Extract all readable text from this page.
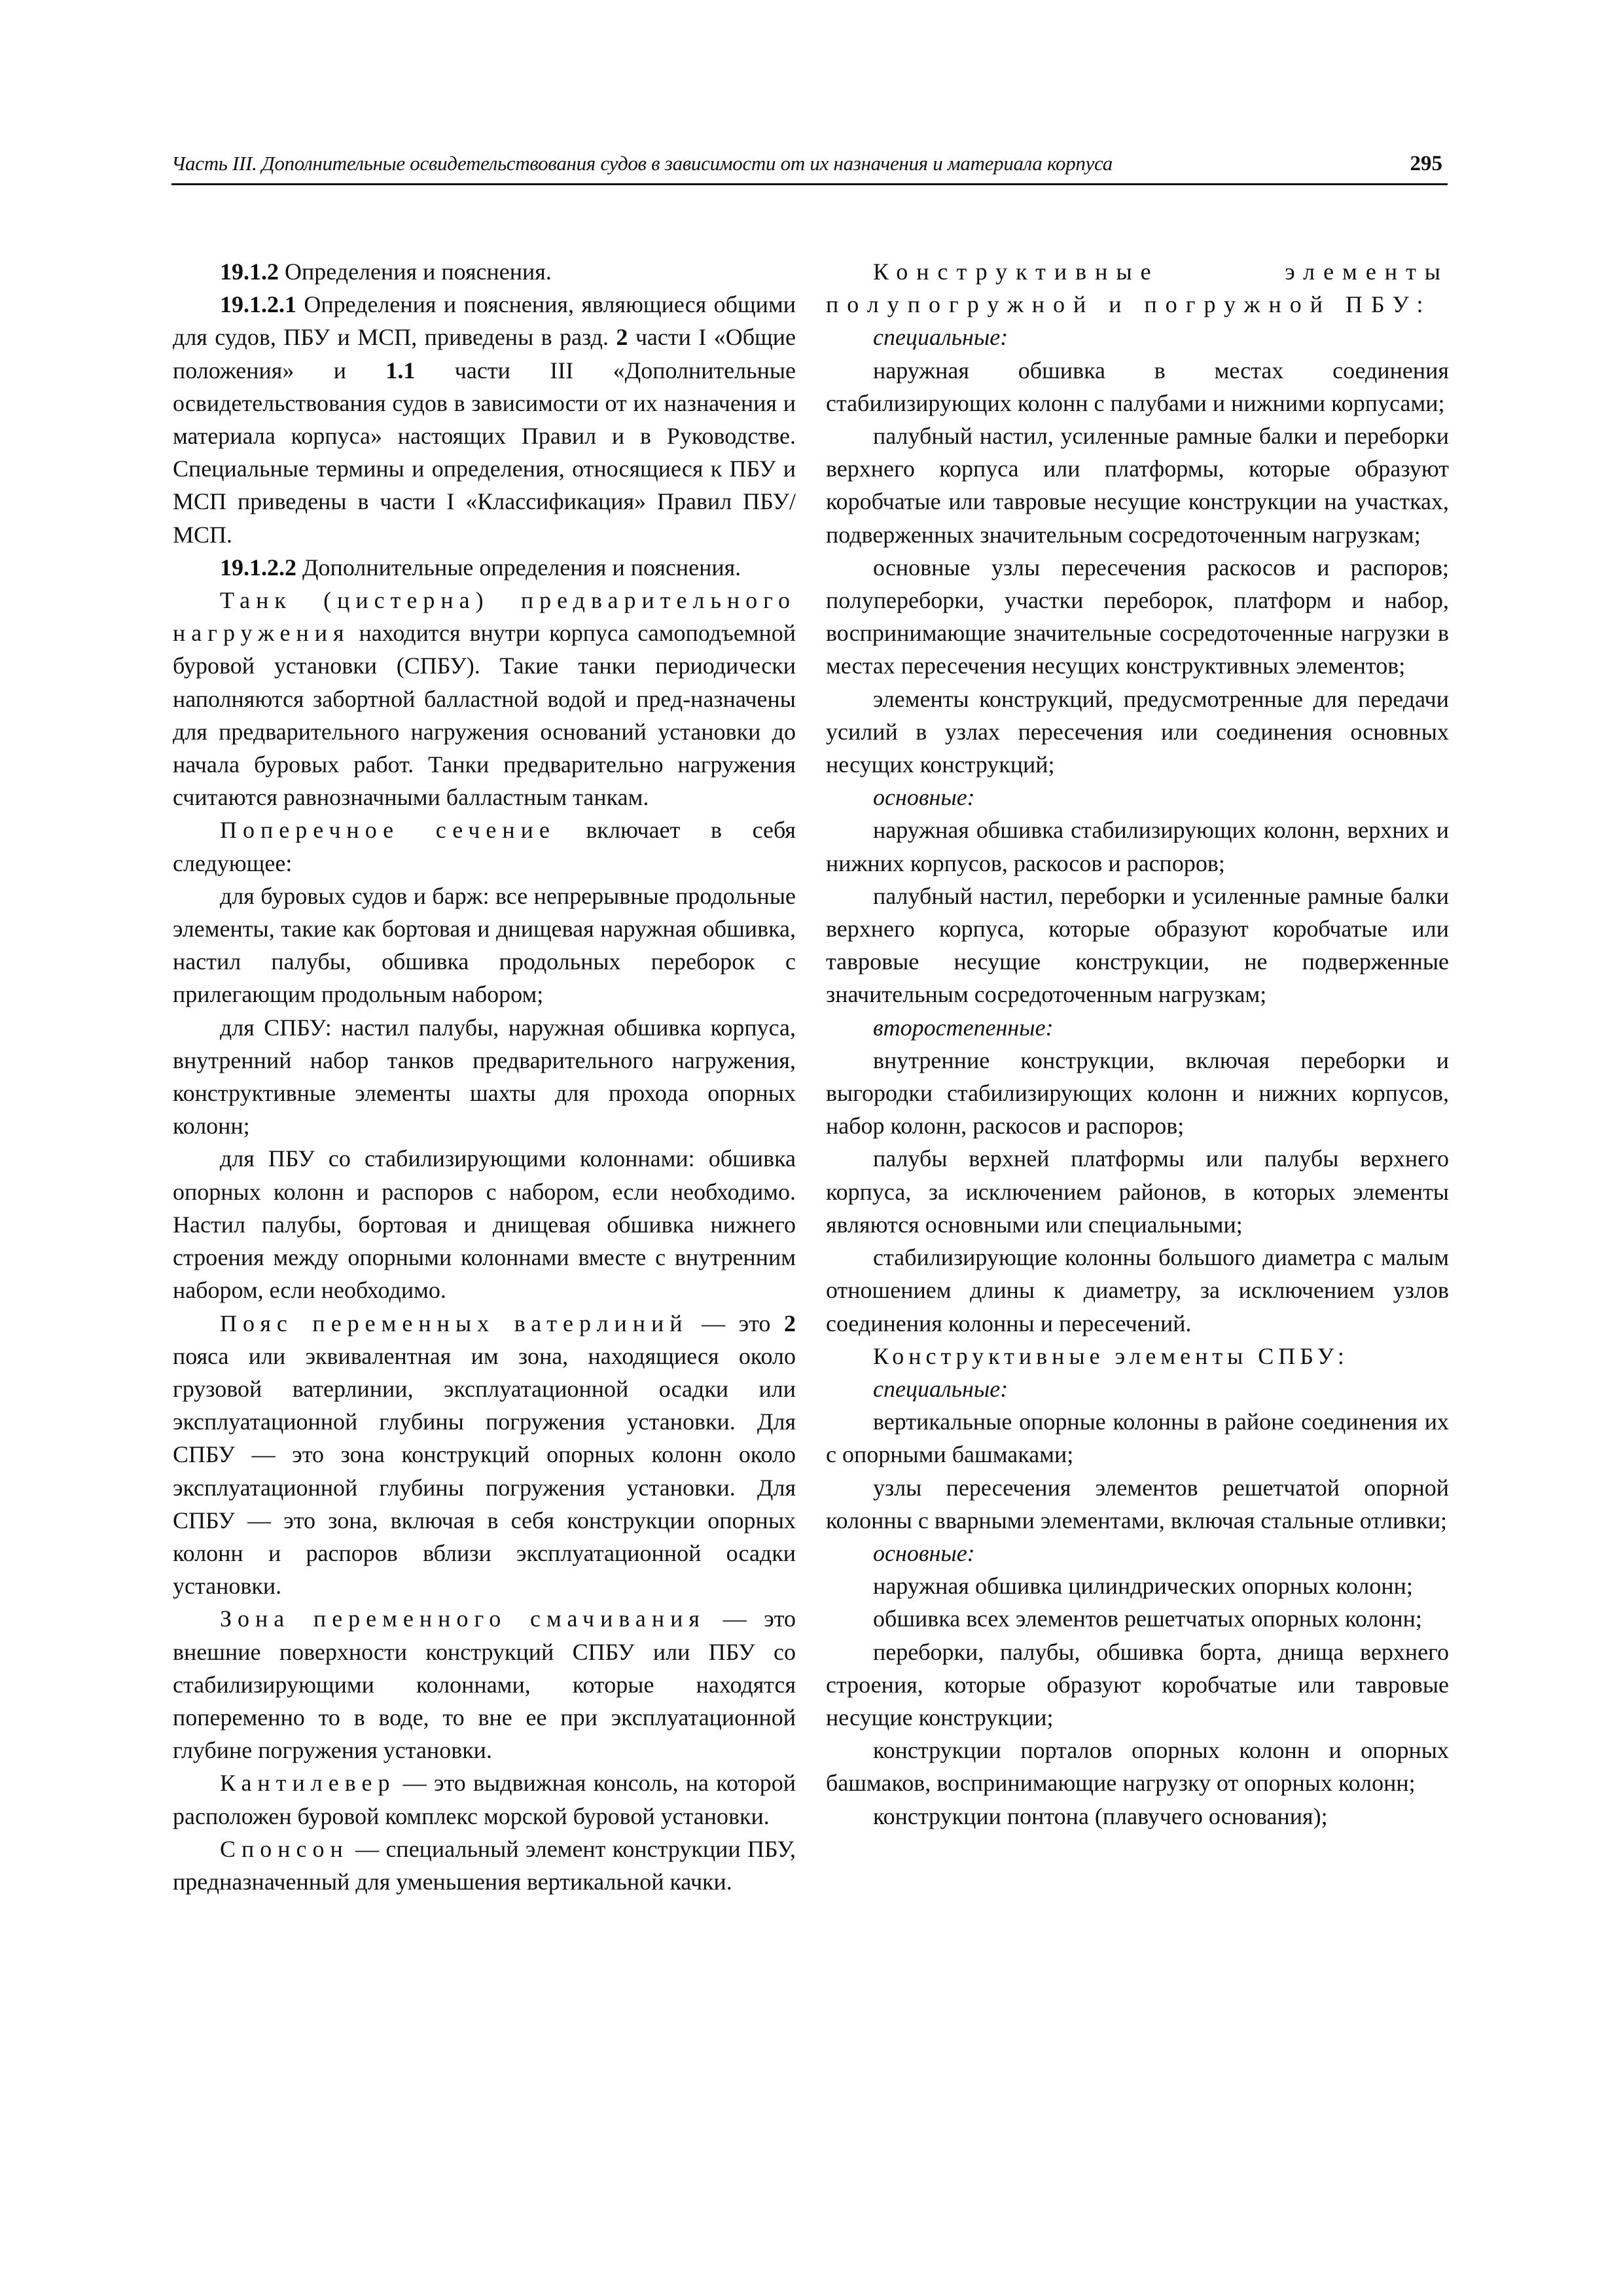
Часть III. Дополнительные освидетельствования судов в зависимости от их назначения и материала корпуса	295

19.1.2 Определения и пояснения.

19.1.2.1 Определения и пояснения, являющиеся общими для судов, ПБУ и МСП, приведены в разд. 2 части I «Общие положения» и 1.1 части III «Дополнительные освидетельствования судов в зависимости от их назначения и материала корпуса» настоящих Правил и в Руководстве. Специальные термины и определения, относящиеся к ПБУ и МСП приведены в части I «Классификация» Правил ПБУ/МСП.

19.1.2.2 Дополнительные определения и пояснения.

Танк (цистерна) предварительного нагружения находится внутри корпуса самоподъемной буровой установки (СПБУ). Такие танки периодически наполняются забортной балластной водой и пред-назначены для предварительного нагружения оснований установки до начала буровых работ. Танки предварительно нагружения считаются равнозначными балластным танкам.

Поперечное сечение включает в себя следующее:

для буровых судов и барж: все непрерывные продольные элементы, такие как бортовая и днищевая наружная обшивка, настил палубы, обшивка продольных переборок с прилегающим продольным набором;

для СПБУ: настил палубы, наружная обшивка корпуса, внутренний набор танков предварительного нагружения, конструктивные элементы шахты для прохода опорных колонн;

для ПБУ со стабилизирующими колоннами: обшивка опорных колонн и распоров с набором, если необходимо. Настил палубы, бортовая и днищевая обшивка нижнего строения между опорными колоннами вместе с внутренним набором, если необходимо.

Пояс переменных ватерлиний — это 2 пояса или эквивалентная им зона, находящиеся около грузовой ватерлинии, эксплуатационной осадки или эксплуатационной глубины погружения установки. Для СПБУ — это зона конструкций опорных колонн около эксплуатационной глубины погружения установки. Для СПБУ — это зона, включая в себя конструкции опорных колонн и распоров вблизи эксплуатационной осадки установки.

Зона переменного смачивания — это внешние поверхности конструкций СПБУ или ПБУ со стабилизирующими колоннами, которые находятся попеременно то в воде, то вне ее при эксплуатационной глубине погружения установки.

Кантилевер — это выдвижная консоль, на которой расположен буровой комплекс морской буровой установки.

Спонсон — специальный элемент конструкции ПБУ, предназначенный для уменьшения вертикальной качки.

Конструктивные элементы полупогружной и погружной ПБУ:

специальные:

наружная обшивка в местах соединения стабилизирующих колонн с палубами и нижними корпусами;

палубный настил, усиленные рамные балки и переборки верхнего корпуса или платформы, которые образуют коробчатые или тавровые несущие конструкции на участках, подверженных значительным сосредоточенным нагрузкам;

основные узлы пересечения раскосов и распоров; полупереборки, участки переборок, платформ и набор, воспринимающие значительные сосредоточенные нагрузки в местах пересечения несущих конструктивных элементов;

элементы конструкций, предусмотренные для передачи усилий в узлах пересечения или соединения основных несущих конструкций;

основные:

наружная обшивка стабилизирующих колонн, верхних и нижних корпусов, раскосов и распоров;

палубный настил, переборки и усиленные рамные балки верхнего корпуса, которые образуют коробчатые или тавровые несущие конструкции, не подверженные значительным сосредоточенным нагрузкам;

второстепенные:

внутренние конструкции, включая переборки и выгородки стабилизирующих колонн и нижних корпусов, набор колонн, раскосов и распоров;

палубы верхней платформы или палубы верхнего корпуса, за исключением районов, в которых элементы являются основными или специальными;

стабилизирующие колонны большого диаметра с малым отношением длины к диаметру, за исключением узлов соединения колонны и пересечений.

Конструктивные элементы СПБУ:

специальные:

вертикальные опорные колонны в районе соединения их с опорными башмаками;

узлы пересечения элементов решетчатой опорной колонны с вварными элементами, включая стальные отливки;

основные:

наружная обшивка цилиндрических опорных колонн;

обшивка всех элементов решетчатых опорных колонн;

переборки, палубы, обшивка борта, днища верхнего строения, которые образуют коробчатые или тавровые несущие конструкции;

конструкции порталов опорных колонн и опорных башмаков, воспринимающие нагрузку от опорных колонн;

конструкции понтона (плавучего основания);
